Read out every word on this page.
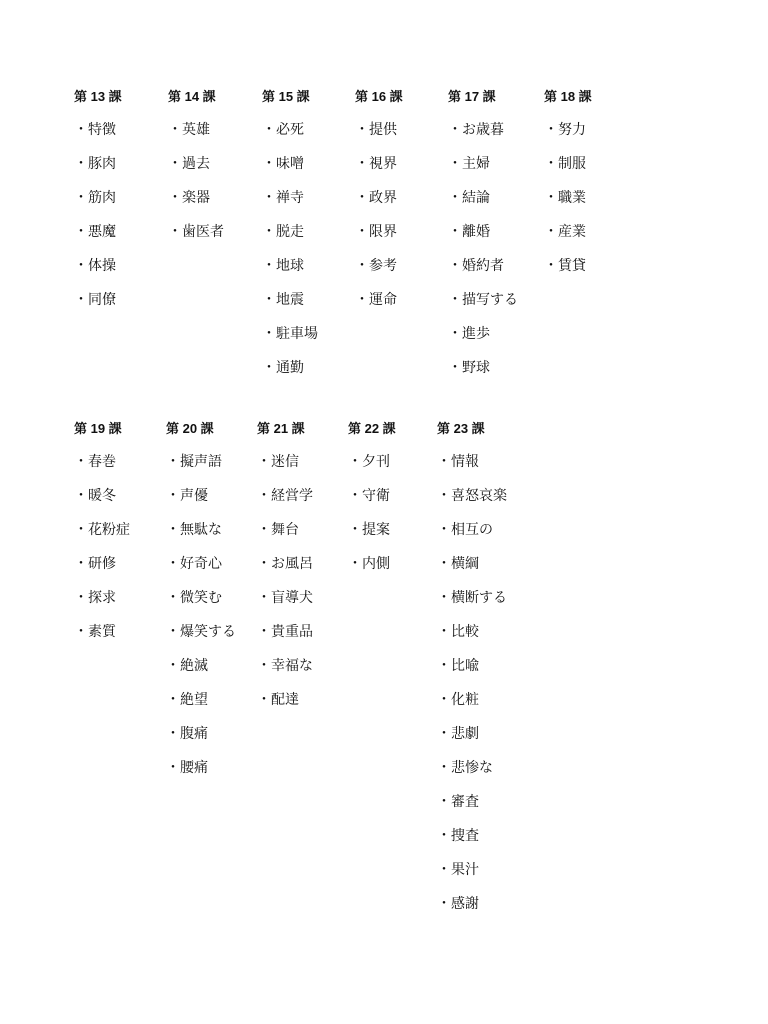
第 13 課
・特徴
・豚肉
・筋肉
・悪魔
・体操
・同僚
第 14 課
・英雄
・過去
・楽器
・歯医者
第 15 課
・必死
・味噌
・禅寺
・脱走
・地球
・地震
・駐車場
・通勤
第 16 課
・提供
・視界
・政界
・限界
・参考
・運命
第 17 課
・お歳暮
・主婦
・結論
・離婚
・婚約者
・描写する
・進歩
・野球
第 18 課
・努力
・制服
・職業
・産業
・賃貸
第 19 課
・春巻
・暖冬
・花粉症
・研修
・探求
・素質
第 20 課
・擬声語
・声優
・無駄な
・好奇心
・微笑む
・爆笑する
・絶滅
・絶望
・腹痛
・腰痛
第 21 課
・迷信
・経営学
・舞台
・お風呂
・盲導犬
・貴重品
・幸福な
・配達
第 22 課
・夕刊
・守衛
・提案
・内側
第 23 課
・情報
・喜怒哀楽
・相互の
・横綱
・横断する
・比較
・比喩
・化粧
・悲劇
・悲惨な
・審査
・捜査
・果汁
・感謝
